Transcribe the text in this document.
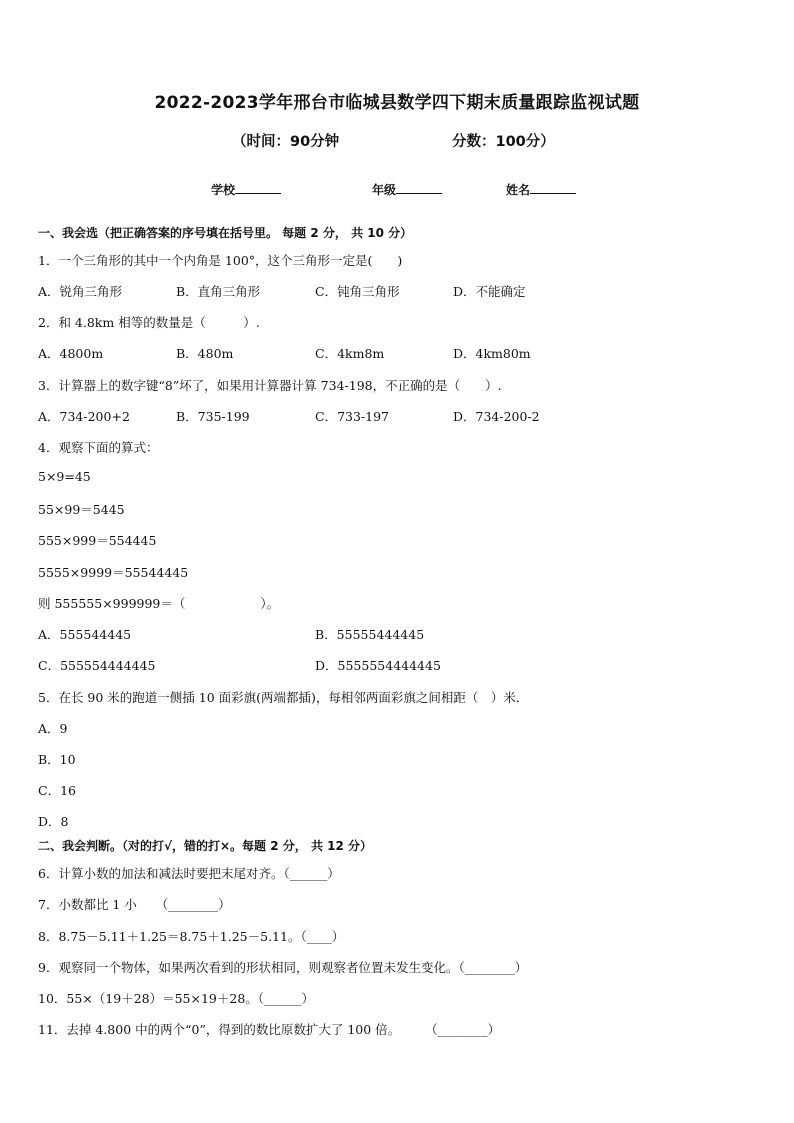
2022-2023学年邢台市临城县数学四下期末质量跟踪监视试题
（时间：90分钟	分数：100分）
学校	年级	姓名
一、我会选（把正确答案的序号填在括号里。 每题 2 分， 共 10 分）
1．一个三角形的其中一个内角是 100°，这个三角形一定是(　　)
A．锐角三角形	B．直角三角形	C．钝角三角形	D．不能确定
2．和 4.8km 相等的数量是（　　　）.
A．4800m	B．480m	C．4km8m	D．4km80m
3．计算器上的数字键“8”坏了，如果用计算器计算 734-198，不正确的是（　　）.
A．734-200+2	B．735-199	C．733-197	D．734-200-2
4．观察下面的算式：
5×9=45
55×99＝5445
555×999＝554445
5555×9999＝55544445
则 555555×999999＝（　　　　　　）。
A．555544445	B．55555444445
C．555554444445	D．5555554444445
5．在长 90 米的跑道一侧插 10 面彩旗(两端都插)，每相邻两面彩旗之间相距（　）米．
A．9
B．10
C．16
D．8
二、我会判断。（对的打√，错的打×。每题 2 分， 共 12 分）
6．计算小数的加法和减法时要把末尾对齐。（______）
7．小数都比 1 小　　（________）
8．8.75－5.11＋1.25＝8.75＋1.25－5.11。（____）
9．观察同一个物体，如果两次看到的形状相同，则观察者位置未发生变化。（________）
10．55×（19＋28）＝55×19＋28。（______）
11．去掉 4.800 中的两个“0”，得到的数比原数扩大了 100 倍。　　　（________）
